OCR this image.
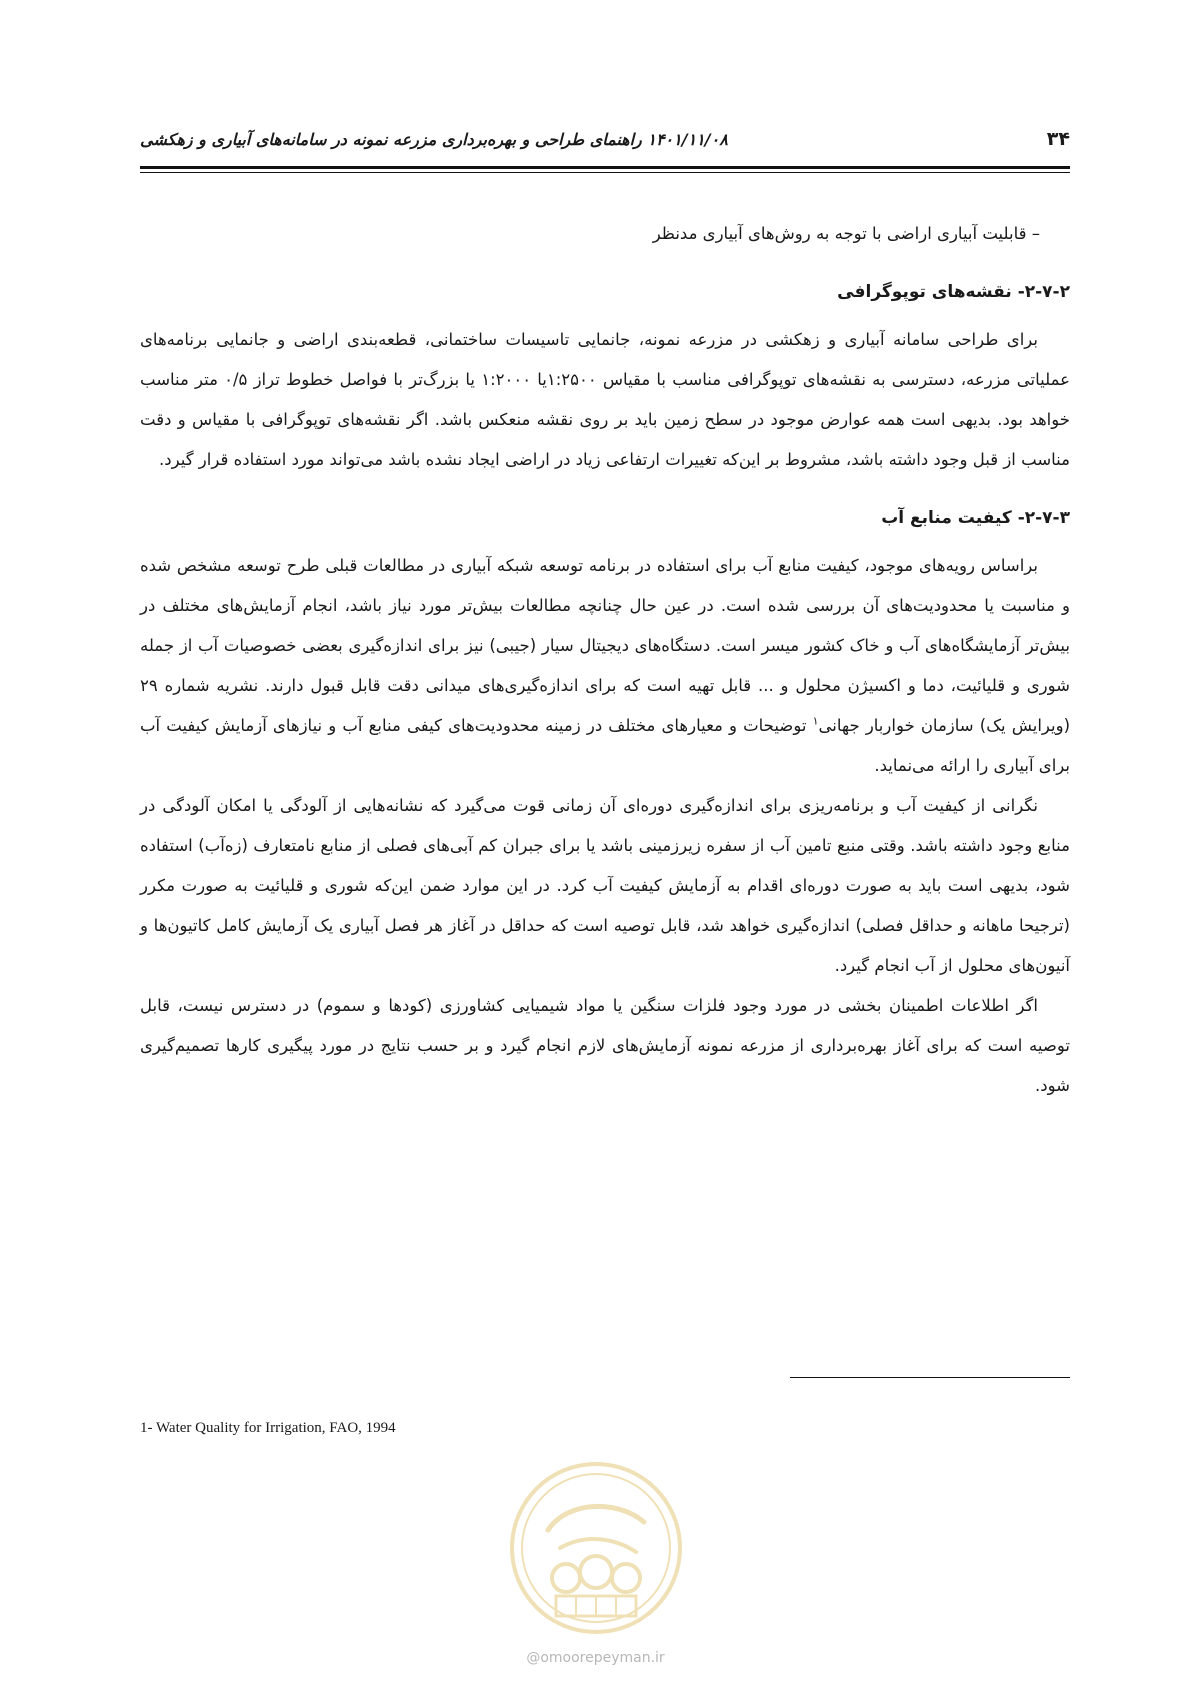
۳۴
۱۴۰۱/۱۱/۰۸ راهنمای طراحی و بهره‌برداری مزرعه نمونه در سامانه‌های آبیاری و زهکشی

– قابلیت آبیاری اراضی با توجه به روش‌های آبیاری مدنظر

۲-۷-۲- نقشه‌های توپوگرافی

برای طراحی سامانه آبیاری و زهکشی در مزرعه نمونه، جانمایی تاسیسات ساختمانی، قطعه‌بندی اراضی و جانمایی برنامه‌های عملیاتی مزرعه، دسترسی به نقشه‌های توپوگرافی مناسب با مقیاس ۱:۲۵۰۰یا ۱:۲۰۰۰ یا بزرگ‌تر با فواصل خطوط تراز ۰/۵ متر مناسب خواهد بود. بدیهی است همه عوارض موجود در سطح زمین باید بر روی نقشه منعکس باشد. اگر نقشه‌های توپوگرافی با مقیاس و دقت مناسب از قبل وجود داشته باشد، مشروط بر این‌که تغییرات ارتفاعی زیاد در اراضی ایجاد نشده باشد می‌تواند مورد استفاده قرار گیرد.

۲-۷-۳- کیفیت منابع آب

براساس رویه‌های موجود، کیفیت منابع آب برای استفاده در برنامه توسعه شبکه آبیاری در مطالعات قبلی طرح توسعه مشخص شده و مناسبت یا محدودیت‌های آن بررسی شده است. در عین حال چنانچه مطالعات بیش‌تر مورد نیاز باشد، انجام آزمایش‌های مختلف در بیش‌تر آزمایشگاه‌های آب و خاک کشور میسر است. دستگاه‌های دیجیتال سیار (جیبی) نیز برای اندازه‌گیری بعضی خصوصیات آب از جمله شوری و قلیائیت، دما و اکسیژن محلول و ... قابل تهیه است که برای اندازه‌گیری‌های میدانی دقت قابل قبول دارند. نشریه شماره ۲۹ (ویرایش یک) سازمان خواربار جهانی$^۱$ توضیحات و معیارهای مختلف در زمینه محدودیت‌های کیفی منابع آب و نیازهای آزمایش کیفیت آب برای آبیاری را ارائه می‌نماید.

نگرانی از کیفیت آب و برنامه‌ریزی برای اندازه‌گیری دوره‌ای آن زمانی قوت می‌گیرد که نشانه‌هایی از آلودگی یا امکان آلودگی در منابع وجود داشته باشد. وقتی منبع تامین آب از سفره زیرزمینی باشد یا برای جبران کم آبی‌های فصلی از منابع نامتعارف (زه‌آب) استفاده شود، بدیهی است باید به صورت دوره‌ای اقدام به آزمایش کیفیت آب کرد. در این موارد ضمن این‌که شوری و قلیائیت به صورت مکرر (ترجیحا ماهانه و حداقل فصلی) اندازه‌گیری خواهد شد، قابل توصیه است که حداقل در آغاز هر فصل آبیاری یک آزمایش کامل کاتیون‌ها و آنیون‌های محلول از آب انجام گیرد.

اگر اطلاعات اطمینان بخشی در مورد وجود فلزات سنگین یا مواد شیمیایی کشاورزی (کودها و سموم) در دسترس نیست، قابل توصیه است که برای آغاز بهره‌برداری از مزرعه نمونه آزمایش‌های لازم انجام گیرد و بر حسب نتایج در مورد پیگیری کارها تصمیم‌گیری شود.

1- Water Quality for Irrigation, FAO, 1994
@omoorepeyman.ir
